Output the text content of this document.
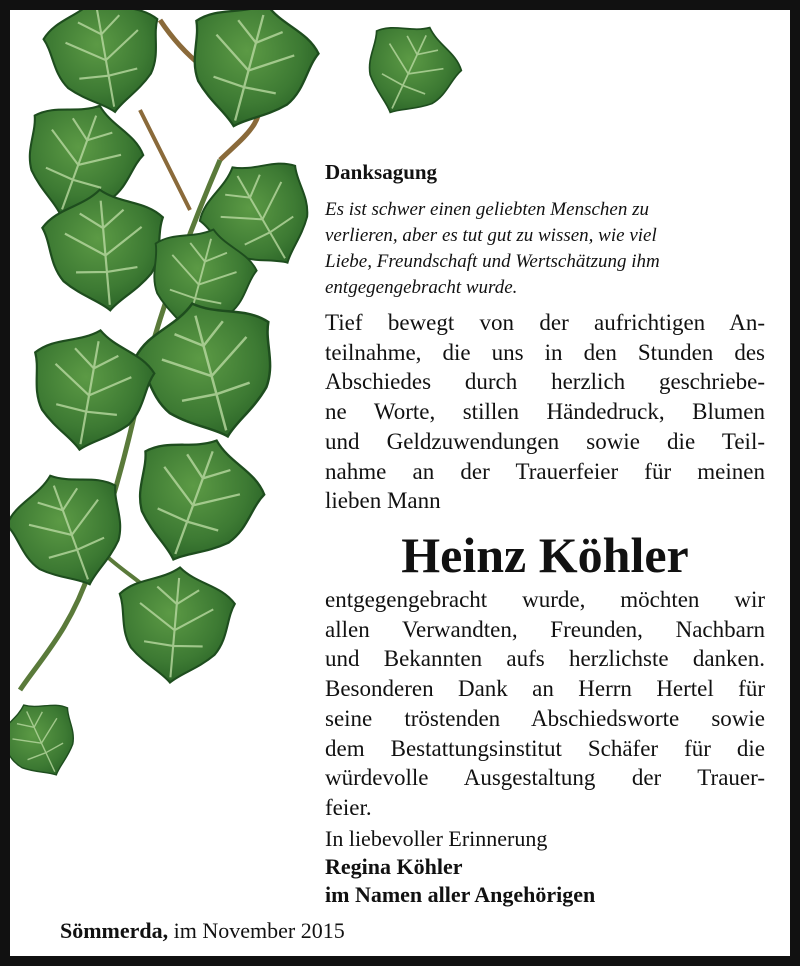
Danksagung
Es ist schwer einen geliebten Menschen zu
verlieren, aber es tut gut zu wissen, wie viel
Liebe, Freundschaft und Wertschätzung ihm
entgegengebracht wurde.
Tief bewegt von der aufrichtigen An-
teilnahme, die uns in den Stunden des
Abschiedes durch herzlich geschriebe-
ne Worte, stillen Händedruck, Blumen
und Geldzuwendungen sowie die Teil-
nahme an der Trauerfeier für meinen
lieben Mann
Heinz Köhler
entgegengebracht wurde, möchten wir
allen Verwandten, Freunden, Nachbarn
und Bekannten aufs herzlichste danken.
Besonderen Dank an Herrn Hertel für
seine tröstenden Abschiedsworte sowie
dem Bestattungsinstitut Schäfer für die
würdevolle Ausgestaltung der Trauer-
feier.
In liebevoller Erinnerung
Regina Köhler
im Namen aller Angehörigen
Sömmerda, im November 2015
